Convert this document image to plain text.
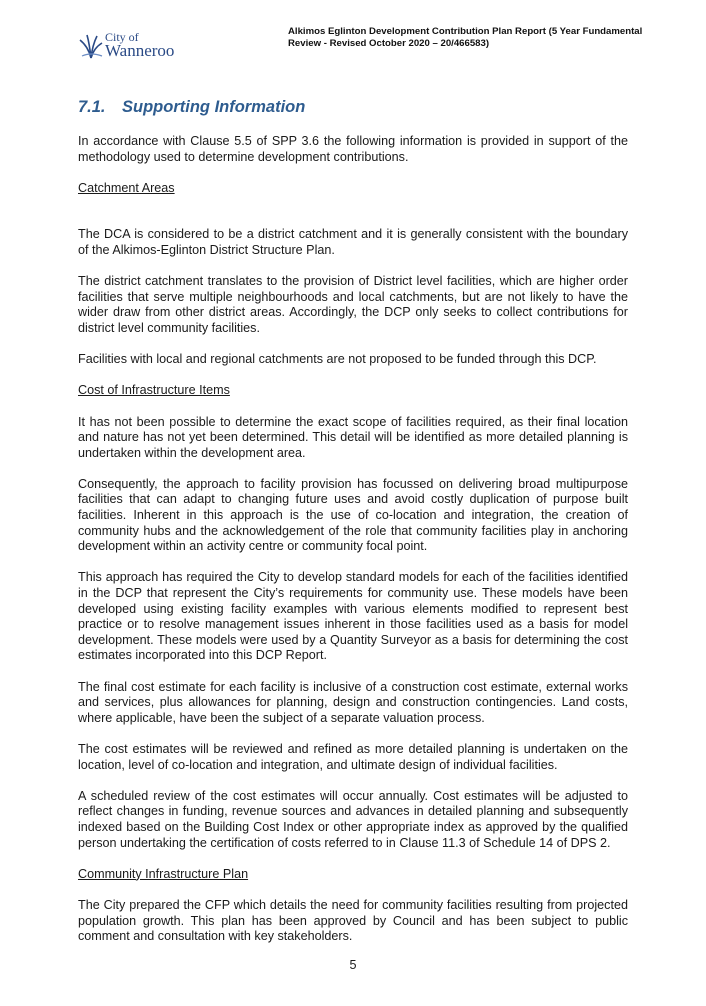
City of
Wanneroo
Alkimos Eglinton Development Contribution Plan Report (5 Year Fundamental Review - Revised October 2020 – 20/466583)
7.1. Supporting Information

In accordance with Clause 5.5 of SPP 3.6 the following information is provided in support of the methodology used to determine development contributions.

Catchment Areas

The DCA is considered to be a district catchment and it is generally consistent with the boundary of the Alkimos-Eglinton District Structure Plan.

The district catchment translates to the provision of District level facilities, which are higher order facilities that serve multiple neighbourhoods and local catchments, but are not likely to have the wider draw from other district areas. Accordingly, the DCP only seeks to collect contributions for district level community facilities.

Facilities with local and regional catchments are not proposed to be funded through this DCP.

Cost of Infrastructure Items

It has not been possible to determine the exact scope of facilities required, as their final location and nature has not yet been determined. This detail will be identified as more detailed planning is undertaken within the development area.

Consequently, the approach to facility provision has focussed on delivering broad multipurpose facilities that can adapt to changing future uses and avoid costly duplication of purpose built facilities. Inherent in this approach is the use of co-location and integration, the creation of community hubs and the acknowledgement of the role that community facilities play in anchoring development within an activity centre or community focal point.

This approach has required the City to develop standard models for each of the facilities identified in the DCP that represent the City’s requirements for community use. These models have been developed using existing facility examples with various elements modified to represent best practice or to resolve management issues inherent in those facilities used as a basis for model development. These models were used by a Quantity Surveyor as a basis for determining the cost estimates incorporated into this DCP Report.

The final cost estimate for each facility is inclusive of a construction cost estimate, external works and services, plus allowances for planning, design and construction contingencies. Land costs, where applicable, have been the subject of a separate valuation process.

The cost estimates will be reviewed and refined as more detailed planning is undertaken on the location, level of co-location and integration, and ultimate design of individual facilities.

A scheduled review of the cost estimates will occur annually. Cost estimates will be adjusted to reflect changes in funding, revenue sources and advances in detailed planning and subsequently indexed based on the Building Cost Index or other appropriate index as approved by the qualified person undertaking the certification of costs referred to in Clause 11.3 of Schedule 14 of DPS 2.

Community Infrastructure Plan

The City prepared the CFP which details the need for community facilities resulting from projected population growth. This plan has been approved by Council and has been subject to public comment and consultation with key stakeholders.

5
